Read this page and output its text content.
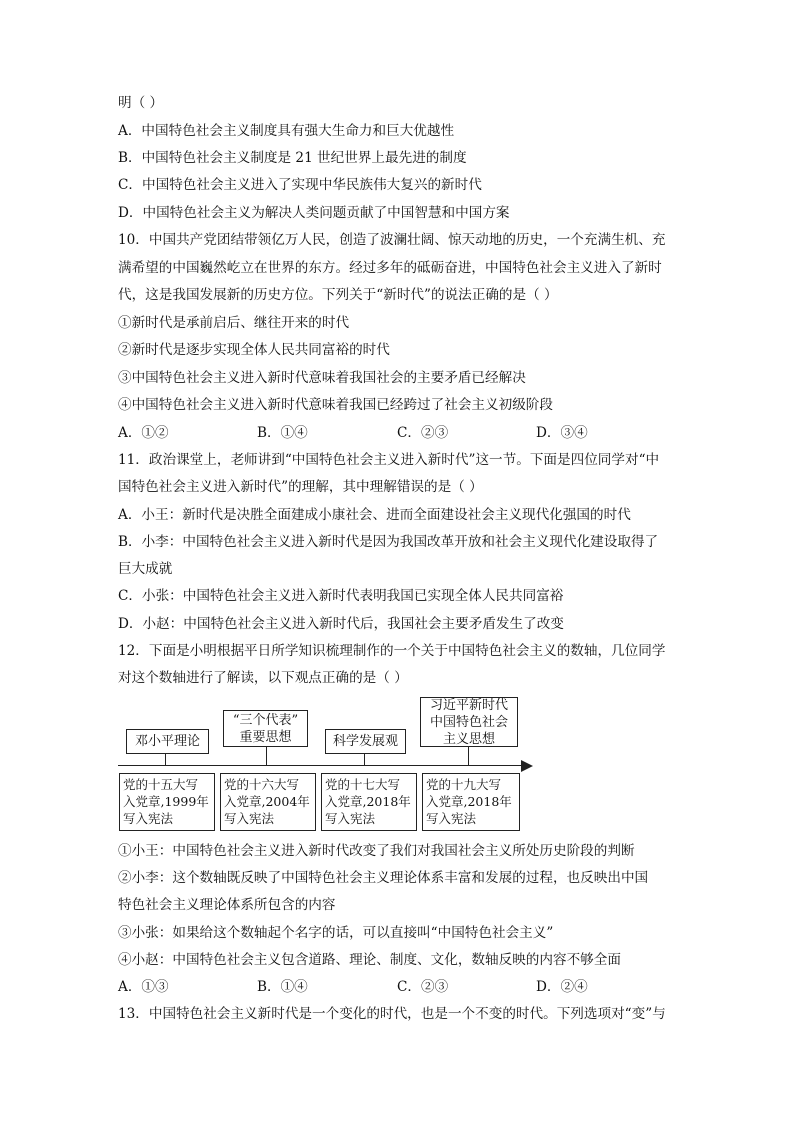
明（ ）
A．中国特色社会主义制度具有强大生命力和巨大优越性
B．中国特色社会主义制度是 21 世纪世界上最先进的制度
C．中国特色社会主义进入了实现中华民族伟大复兴的新时代
D．中国特色社会主义为解决人类问题贡献了中国智慧和中国方案
10．中国共产党团结带领亿万人民，创造了波澜壮阔、惊天动地的历史，一个充满生机、充
满希望的中国巍然屹立在世界的东方。经过多年的砥砺奋进，中国特色社会主义进入了新时
代，这是我国发展新的历史方位。下列关于“新时代”的说法正确的是（ ）
①新时代是承前启后、继往开来的时代
②新时代是逐步实现全体人民共同富裕的时代
③中国特色社会主义进入新时代意味着我国社会的主要矛盾已经解决
④中国特色社会主义进入新时代意味着我国已经跨过了社会主义初级阶段
A．①②	B．①④	C．②③	D．③④
11．政治课堂上，老师讲到“中国特色社会主义进入新时代”这一节。下面是四位同学对“中
国特色社会主义进入新时代”的理解，其中理解错误的是（ ）
A．小王：新时代是决胜全面建成小康社会、进而全面建设社会主义现代化强国的时代
B．小李：中国特色社会主义进入新时代是因为我国改革开放和社会主义现代化建设取得了
巨大成就
C．小张：中国特色社会主义进入新时代表明我国已实现全体人民共同富裕
D．小赵：中国特色社会主义进入新时代后，我国社会主要矛盾发生了改变
12．下面是小明根据平日所学知识梳理制作的一个关于中国特色社会主义的数轴，几位同学
对这个数轴进行了解读，以下观点正确的是（ ）
邓小平理论
“三个代表”
重要思想	科学发展观
习近平新时代
中国特色社会
主义思想
党的十五大写
入党章,1999年
写入宪法
党的十六大写
入党章,2004年
写入宪法
党的十七大写
入党章,2018年
写入宪法
党的十九大写
入党章,2018年
写入宪法
①小王：中国特色社会主义进入新时代改变了我们对我国社会主义所处历史阶段的判断
②小李：这个数轴既反映了中国特色社会主义理论体系丰富和发展的过程，也反映出中国
特色社会主义理论体系所包含的内容
③小张：如果给这个数轴起个名字的话，可以直接叫“中国特色社会主义”
④小赵：中国特色社会主义包含道路、理论、制度、文化，数轴反映的内容不够全面
A．①③	B．①④	C．②③	D．②④
13．中国特色社会主义新时代是一个变化的时代，也是一个不变的时代。下列选项对“变”与
